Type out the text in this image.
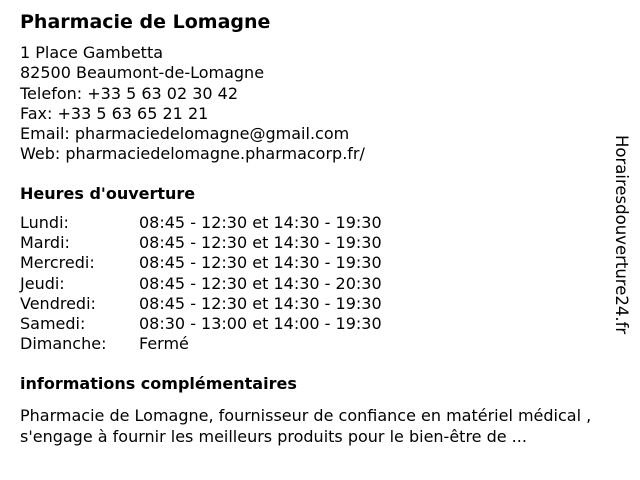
Pharmacie de Lomagne
1 Place Gambetta
82500 Beaumont-de-Lomagne
Telefon: +33 5 63 02 30 42
Fax: +33 5 63 65 21 21
Email: pharmaciedelomagne@gmail.com
Web: pharmaciedelomagne.pharmacorp.fr/
Heures d'ouverture
Lundi:	08:45 - 12:30 et 14:30 - 19:30
Mardi:	08:45 - 12:30 et 14:30 - 19:30
Mercredi:	08:45 - 12:30 et 14:30 - 19:30
Jeudi:	08:45 - 12:30 et 14:30 - 20:30
Vendredi:	08:45 - 12:30 et 14:30 - 19:30
Samedi:	08:30 - 13:00 et 14:00 - 19:30
Dimanche: Fermé
informations complémentaires
Pharmacie de Lomagne, fournisseur de confiance en matériel médical , s'engage à fournir les meilleurs produits pour le bien-être de ...
Horairesdouverture24.fr
